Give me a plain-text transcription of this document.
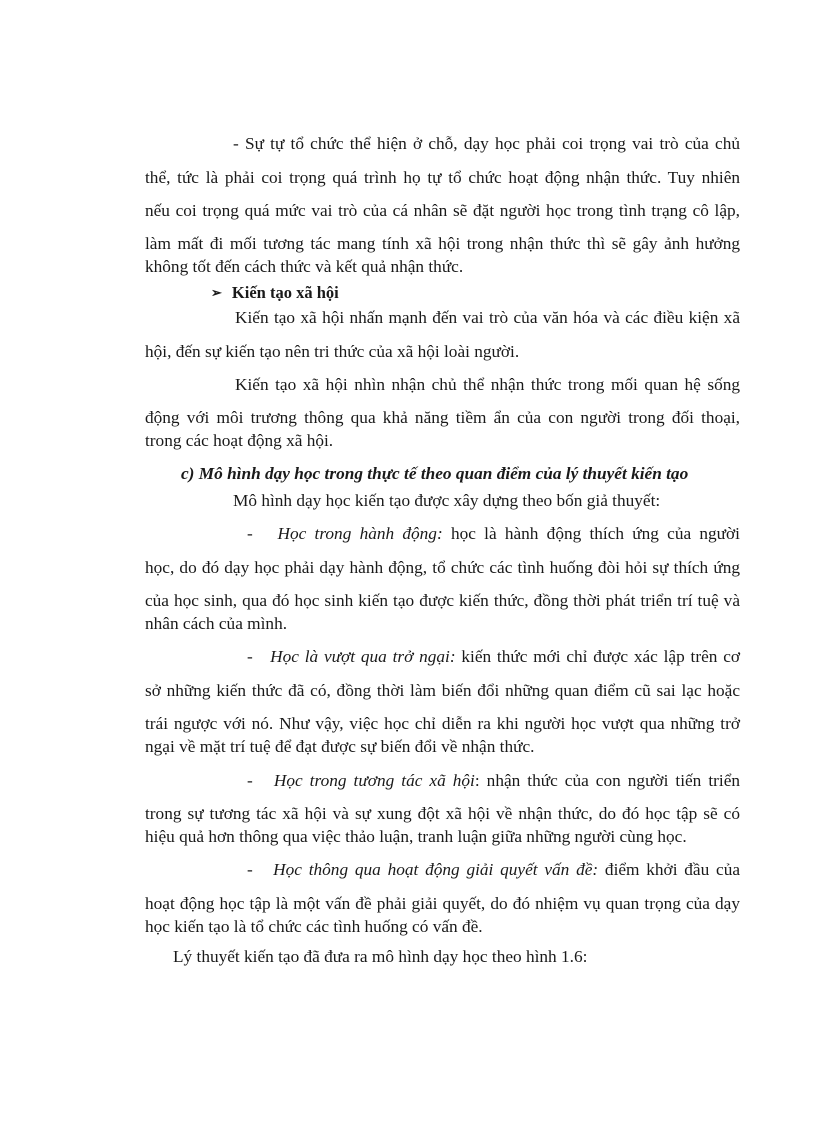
- Sự tự tổ chức thể hiện ở chỗ, dạy học phải coi trọng vai trò của chủ
thể, tức là phải coi trọng quá trình họ tự tổ chức hoạt động nhận thức. Tuy nhiên
nếu coi trọng quá mức vai trò của cá nhân sẽ đặt người học trong tình trạng cô lập,
làm mất đi mối tương tác mang tính xã hội trong nhận thức thì sẽ gây ảnh hưởng
không tốt đến cách thức và kết quả nhận thức.
➢ Kiến tạo xã hội
Kiến tạo xã hội nhấn mạnh đến vai trò của văn hóa và các điều kiện xã
hội, đến sự kiến tạo nên tri thức của xã hội loài người.
Kiến tạo xã hội nhìn nhận chủ thể nhận thức trong mối quan hệ sống
động với môi trương thông qua khả năng tiềm ẩn của con người trong đối thoại,
trong các hoạt động xã hội.
c) Mô hình dạy học trong thực tế theo quan điểm của lý thuyết kiến tạo
Mô hình dạy học kiến tạo được xây dựng theo bốn giả thuyết:
- Học trong hành động: học là hành động thích ứng của người
học, do đó dạy học phải dạy hành động, tổ chức các tình huống đòi hỏi sự thích ứng
của học sinh, qua đó học sinh kiến tạo được kiến thức, đồng thời phát triển trí tuệ và
nhân cách của mình.
- Học là vượt qua trở ngại: kiến thức mới chỉ được xác lập trên cơ
sở những kiến thức đã có, đồng thời làm biến đổi những quan điểm cũ sai lạc hoặc
trái ngược với nó. Như vậy, việc học chỉ diễn ra khi người học vượt qua những trở
ngại về mặt trí tuệ để đạt được sự biến đổi về nhận thức.
- Học trong tương tác xã hội: nhận thức của con người tiến triển
trong sự tương tác xã hội và sự xung đột xã hội về nhận thức, do đó học tập sẽ có
hiệu quả hơn thông qua việc thảo luận, tranh luận giữa những người cùng học.
- Học thông qua hoạt động giải quyết vấn đề: điểm khởi đầu của
hoạt động học tập là một vấn đề phải giải quyết, do đó nhiệm vụ quan trọng của dạy
học kiến tạo là tổ chức các tình huống có vấn đề.
Lý thuyết kiến tạo đã đưa ra mô hình dạy học theo hình 1.6:
